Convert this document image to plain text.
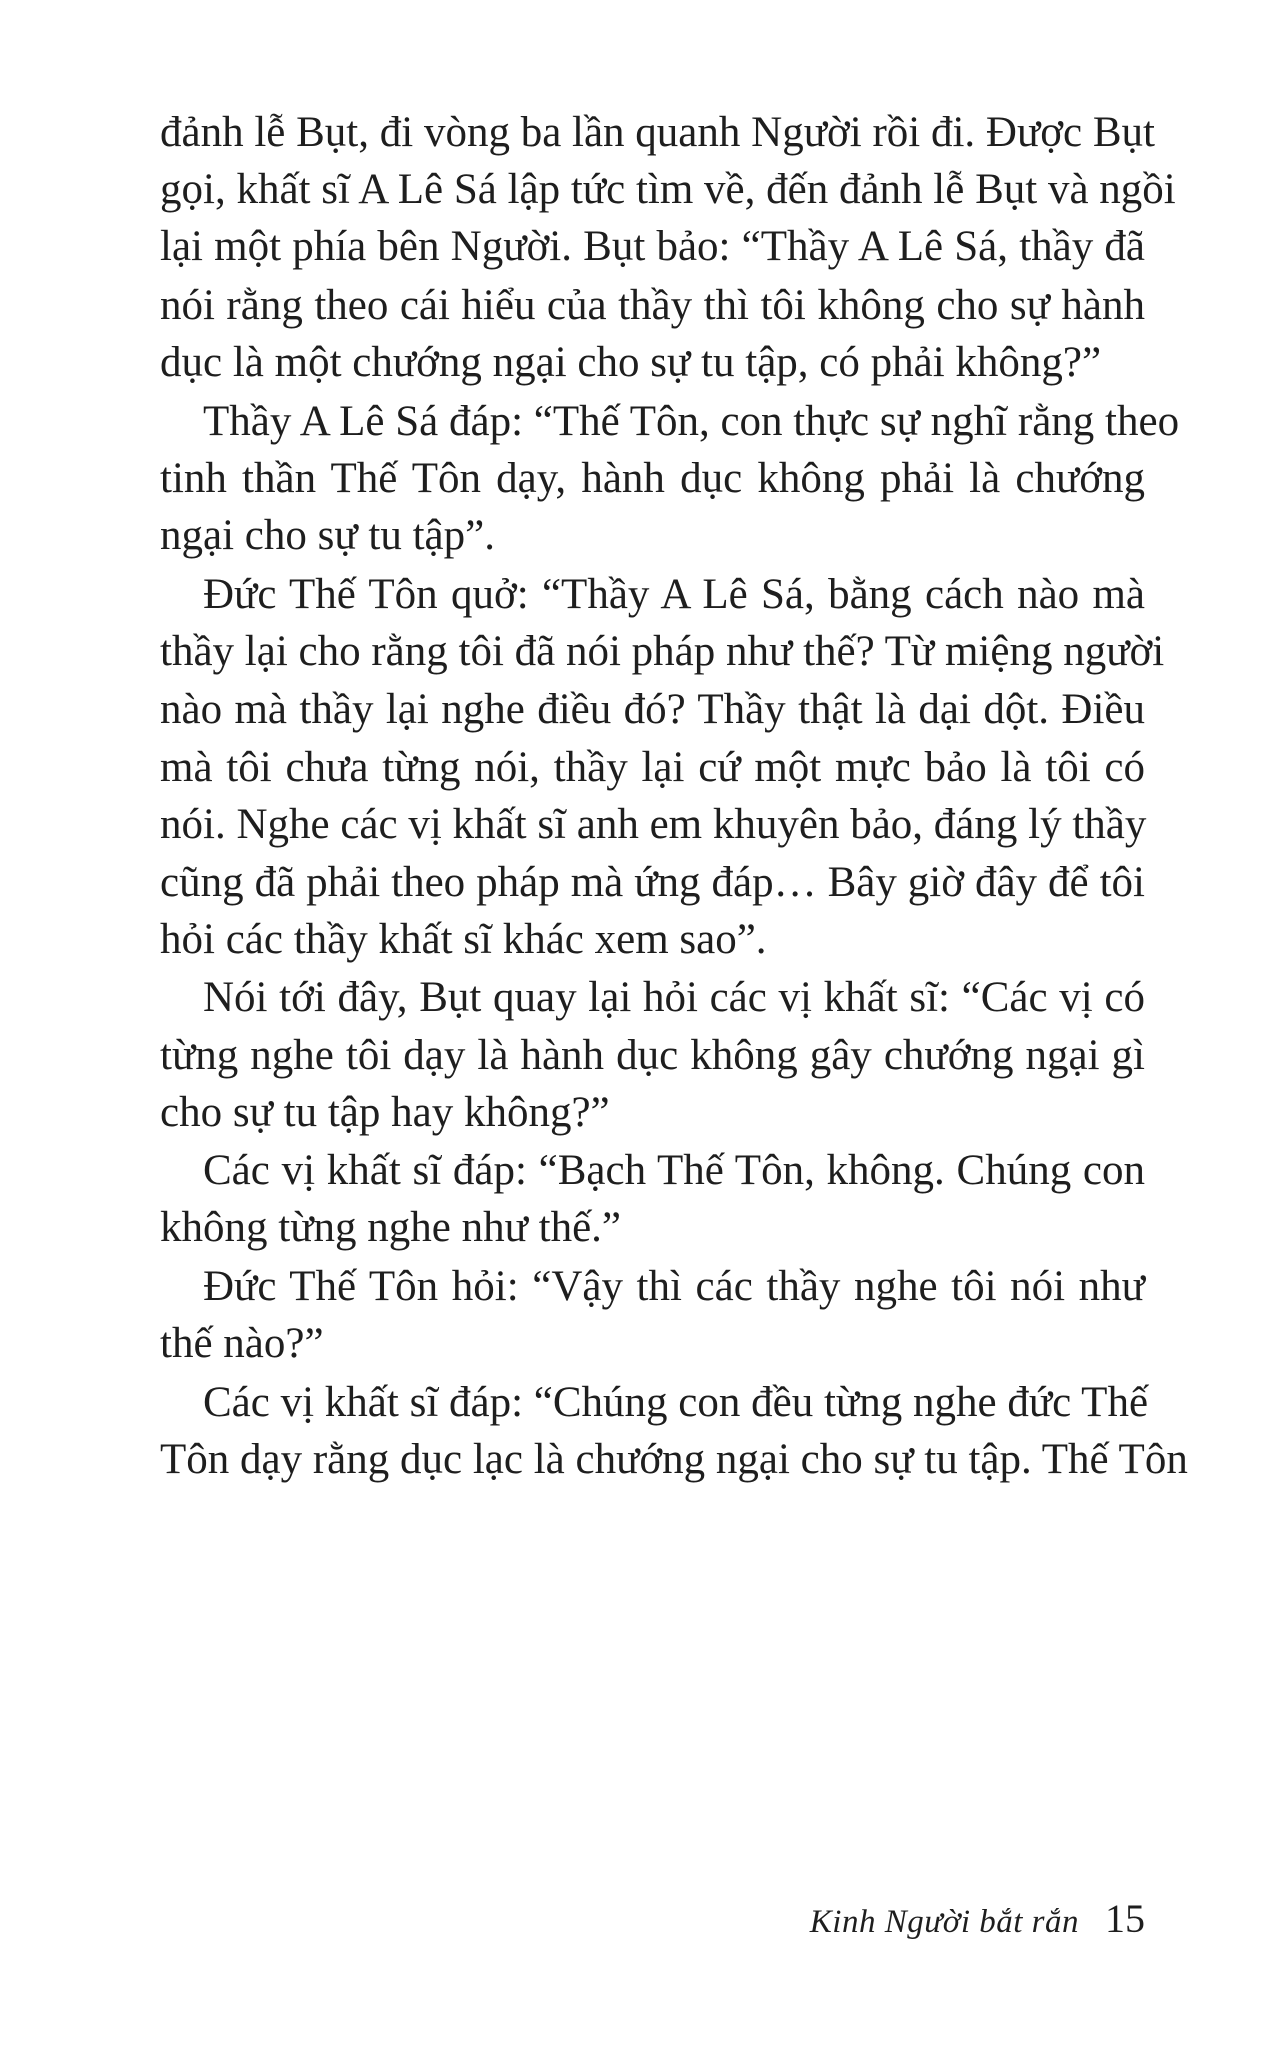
đảnh lễ Bụt, đi vòng ba lần quanh Người rồi đi. Được Bụt
gọi, khất sĩ A Lê Sá lập tức tìm về, đến đảnh lễ Bụt và ngồi
lại một phía bên Người. Bụt bảo: “Thầy A Lê Sá, thầy đã
nói rằng theo cái hiểu của thầy thì tôi không cho sự hành
dục là một chướng ngại cho sự tu tập, có phải không?”
Thầy A Lê Sá đáp: “Thế Tôn, con thực sự nghĩ rằng theo
tinh thần Thế Tôn dạy, hành dục không phải là chướng
ngại cho sự tu tập”.
Đức Thế Tôn quở: “Thầy A Lê Sá, bằng cách nào mà
thầy lại cho rằng tôi đã nói pháp như thế? Từ miệng người
nào mà thầy lại nghe điều đó? Thầy thật là dại dột. Điều
mà tôi chưa từng nói, thầy lại cứ một mực bảo là tôi có
nói. Nghe các vị khất sĩ anh em khuyên bảo, đáng lý thầy
cũng đã phải theo pháp mà ứng đáp… Bây giờ đây để tôi
hỏi các thầy khất sĩ khác xem sao”.
Nói tới đây, Bụt quay lại hỏi các vị khất sĩ: “Các vị có
từng nghe tôi dạy là hành dục không gây chướng ngại gì
cho sự tu tập hay không?”
Các vị khất sĩ đáp: “Bạch Thế Tôn, không. Chúng con
không từng nghe như thế.”
Đức Thế Tôn hỏi: “Vậy thì các thầy nghe tôi nói như
thế nào?”
Các vị khất sĩ đáp: “Chúng con đều từng nghe đức Thế
Tôn dạy rằng dục lạc là chướng ngại cho sự tu tập. Thế Tôn
Kinh Người bắt rắn 15
